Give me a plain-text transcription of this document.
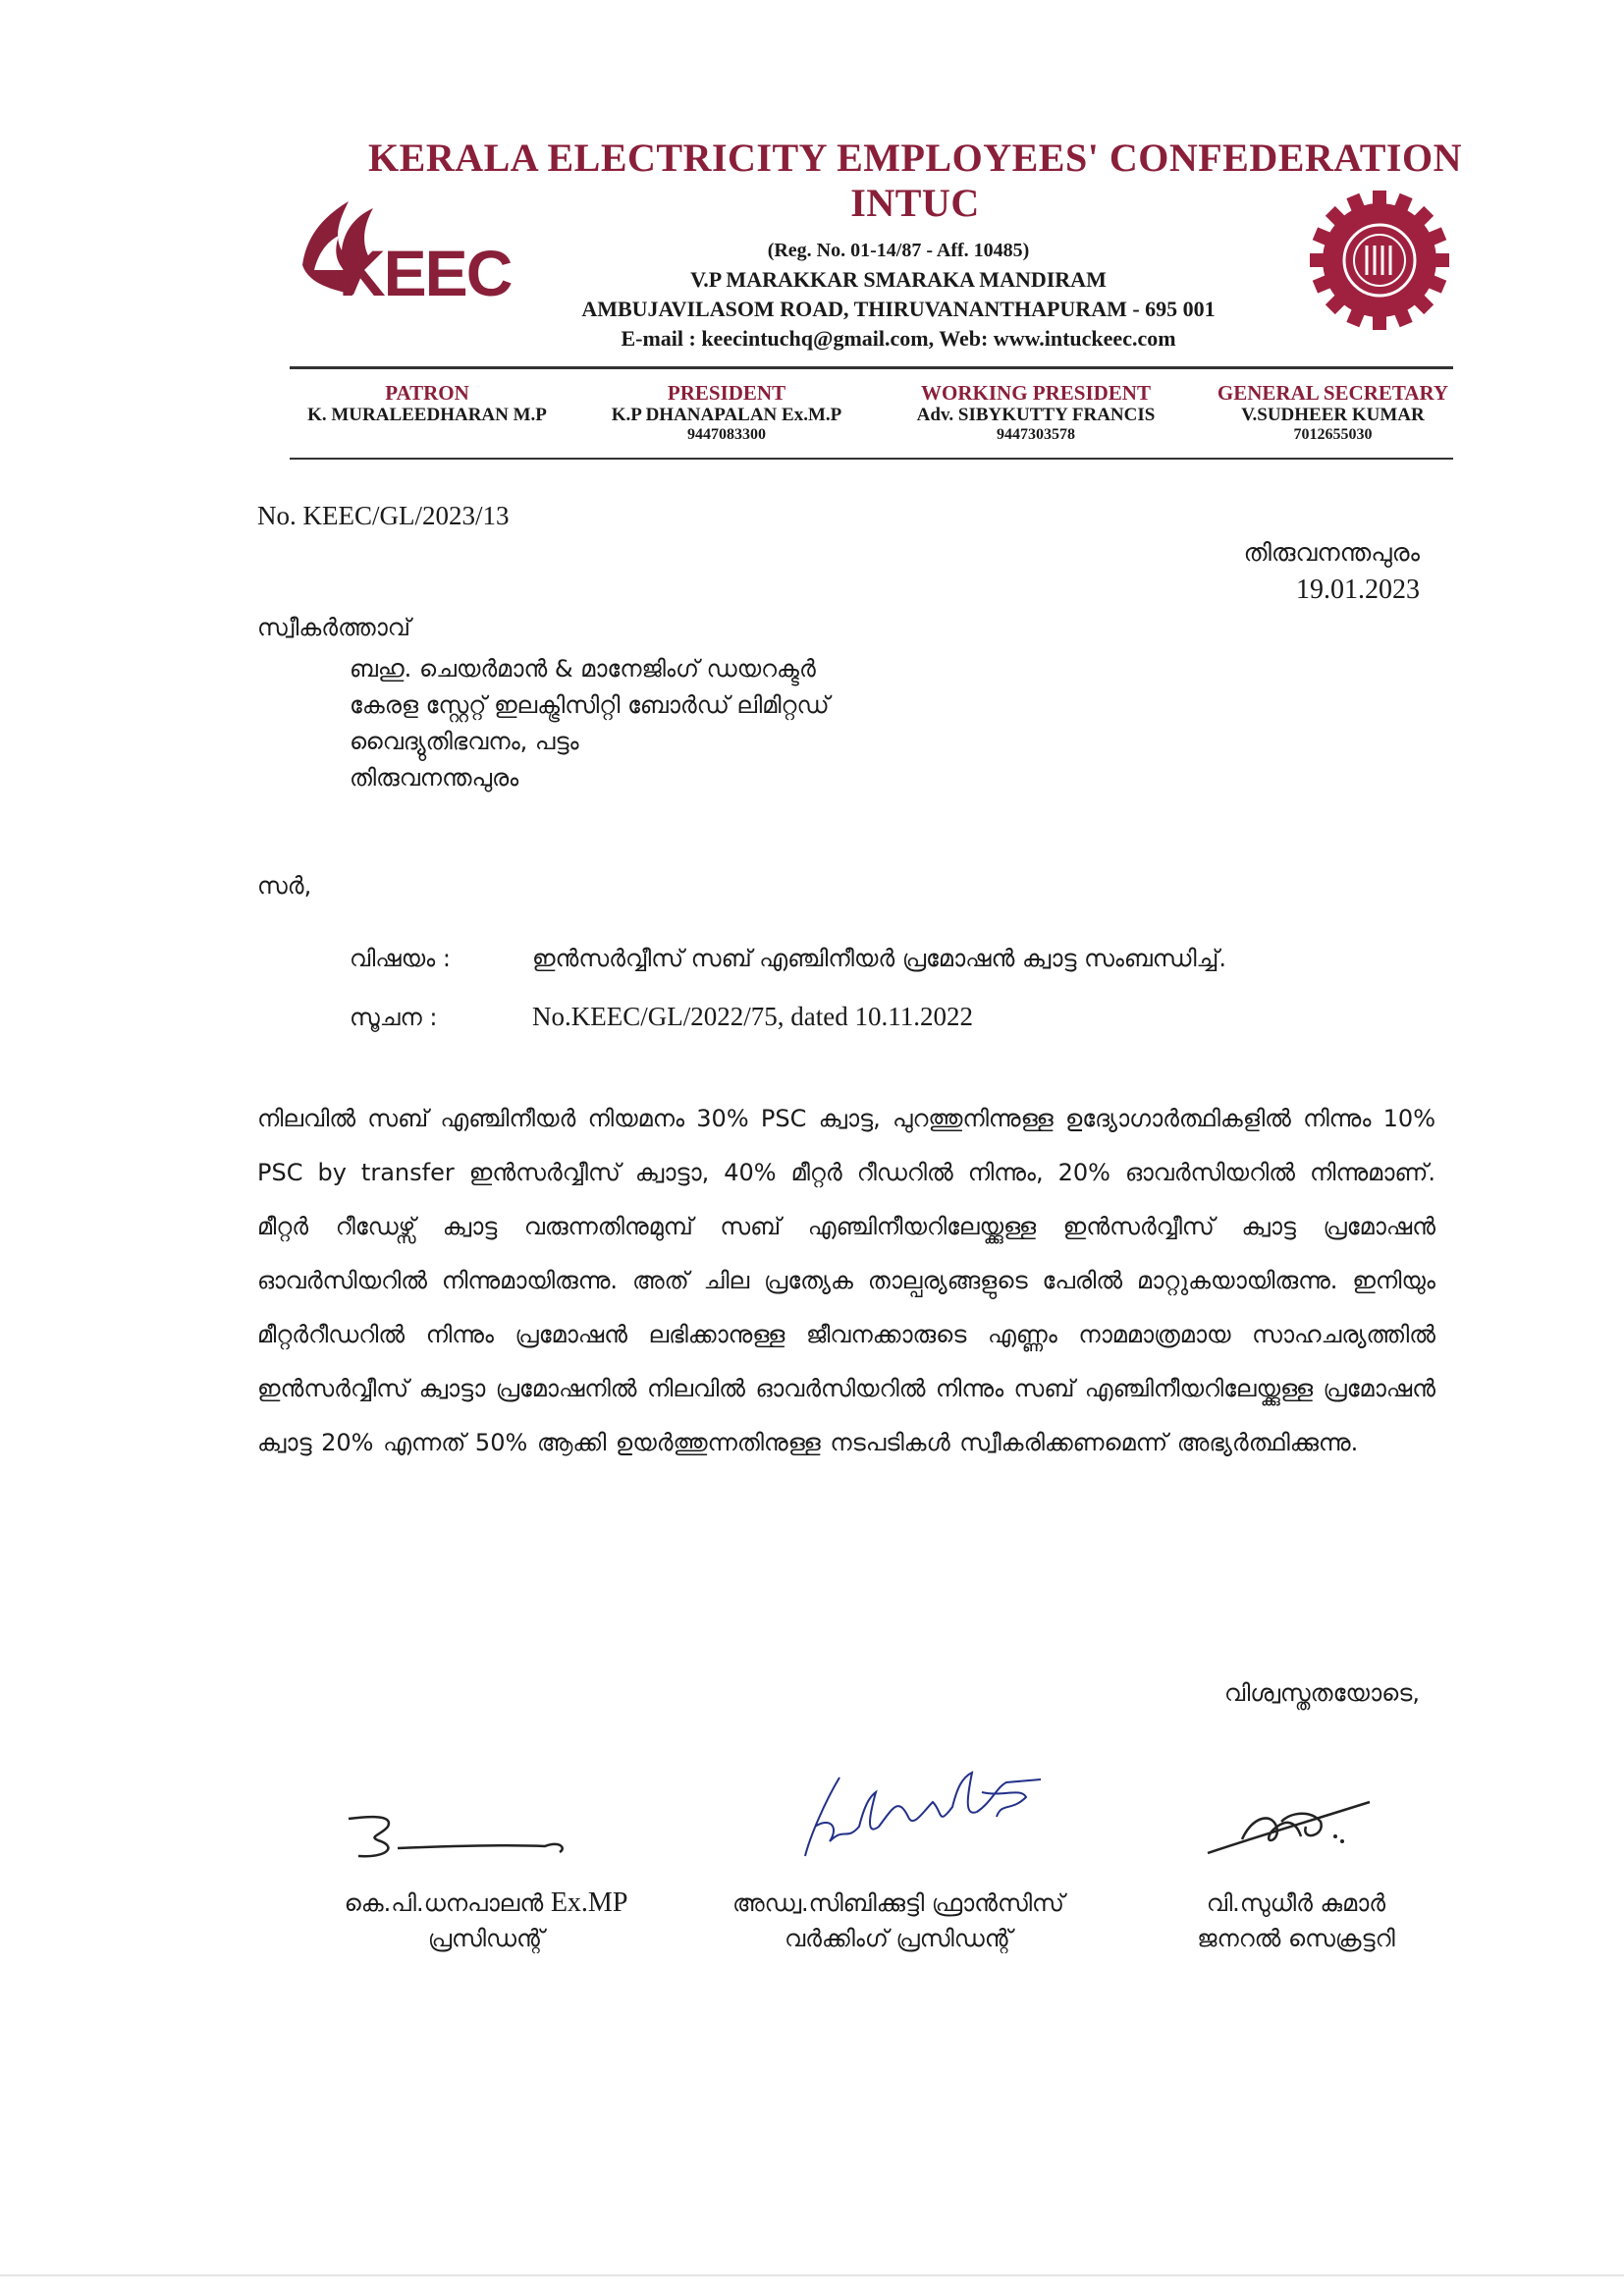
KERALA ELECTRICITY EMPLOYEES' CONFEDERATION
INTUC
KEEC	(Reg. No. 01-14/87 - Aff. 10485)
V.P MARAKKAR SMARAKA MANDIRAM
AMBUJAVILASOM ROAD, THIRUVANANTHAPURAM - 695 001
E-mail : keecintuchq@gmail.com, Web: www.intuckeec.com
PATRON
K. MURALEEDHARAN M.P
PRESIDENT
K.P DHANAPALAN Ex.M.P
9447083300
WORKING PRESIDENT
Adv. SIBYKUTTY FRANCIS
9447303578
GENERAL SECRETARY
V.SUDHEER KUMAR
7012655030
No. KEEC/GL/2023/13
തിരുവനന്തപുരം
19.01.2023
സ്വീകർത്താവ്
ബഹു. ചെയർമാൻ & മാനേജിംഗ് ഡയറക്ടർ
കേരള സ്റ്റേറ്റ് ഇലക്ട്രിസിറ്റി ബോർഡ് ലിമിറ്റഡ്
വൈദ്യുതിഭവനം, പട്ടം
തിരുവനന്തപുരം
സർ,
വിഷയം :	ഇൻസർവ്വീസ് സബ് എഞ്ചിനീയർ പ്രമോഷൻ ക്വാട്ട സംബന്ധിച്ച്.
സൂചന :	No.KEEC/GL/2022/75, dated 10.11.2022
നിലവിൽ സബ് എഞ്ചിനീയർ നിയമനം 30% PSC ക്വാട്ട, പുറത്തുനിന്നുള്ള ഉദ്യോഗാർത്ഥികളിൽ നിന്നും 10% PSC by transfer ഇൻസർവ്വീസ് ക്വാട്ടാ, 40% മീറ്റർ റീഡറിൽ നിന്നും, 20% ഓവർസിയറിൽ നിന്നുമാണ്. മീറ്റർ റീഡേഴ്സ് ക്വാട്ട വരുന്നതിനുമുമ്പ് സബ് എഞ്ചിനീയറിലേയ്ക്കുള്ള ഇൻസർവ്വീസ് ക്വാട്ട പ്രമോഷൻ ഓവർസിയറിൽ നിന്നുമായിരുന്നു. അത് ചില പ്രത്യേക താല്പര്യങ്ങളുടെ പേരിൽ മാറ്റുകയായിരുന്നു. ഇനിയും മീറ്റർറീഡറിൽ നിന്നും പ്രമോഷൻ ലഭിക്കാനുള്ള ജീവനക്കാരുടെ എണ്ണം നാമമാത്രമായ സാഹചര്യത്തിൽ ഇൻസർവ്വീസ് ക്വാട്ടാ പ്രമോഷനിൽ നിലവിൽ ഓവർസിയറിൽ നിന്നും സബ് എഞ്ചിനീയറിലേയ്ക്കുള്ള പ്രമോഷൻ ക്വാട്ട 20% എന്നത് 50% ആക്കി ഉയർത്തുന്നതിനുള്ള നടപടികൾ സ്വീകരിക്കണമെന്ന് അഭ്യർത്ഥിക്കുന്നു.
വിശ്വസ്തതയോടെ,
കെ.പി.ധനപാലൻ Ex.MP
പ്രസിഡന്റ്
അഡ്വ.സിബിക്കുട്ടി ഫ്രാൻസിസ്
വർക്കിംഗ് പ്രസിഡന്റ്
വി.സുധീർ കുമാർ
ജനറൽ സെക്രട്ടറി
